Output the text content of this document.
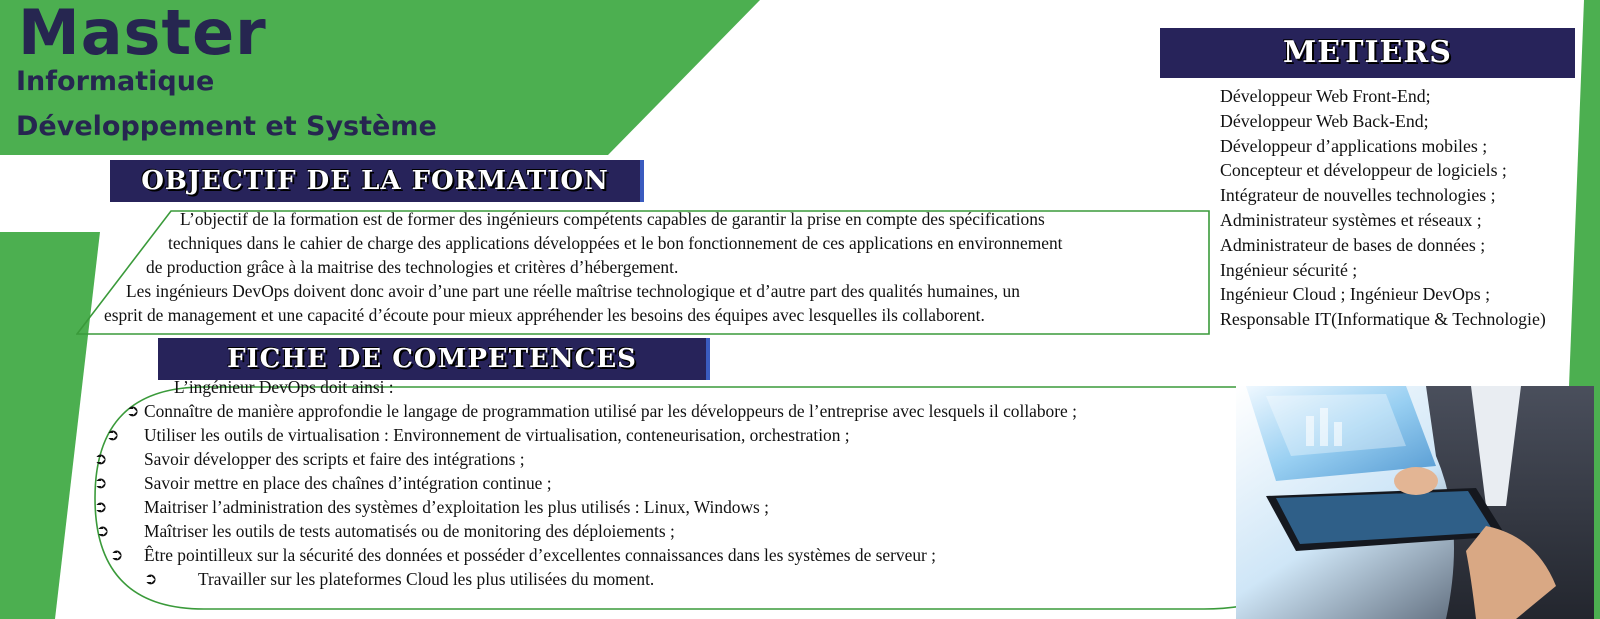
Master
Informatique
Développement et Système
OBJECTIF DE LA FORMATION
L’objectif de la formation est de former des ingénieurs compétents capables de garantir la prise en compte des spécifications
techniques dans le cahier de charge des applications développées et le bon fonctionnement de ces applications en environnement
de production grâce à la maitrise des technologies et critères d’hébergement.
Les ingénieurs DevOps doivent donc avoir d’une part une réelle maîtrise technologique et d’autre part des qualités humaines, un
esprit de management et une capacité d’écoute pour mieux appréhender les besoins des équipes avec lesquelles ils collaborent.
METIERS
Développeur Web Front-End;
Développeur Web Back-End;
Développeur d’applications mobiles ;
Concepteur et développeur de logiciels ;
Intégrateur de nouvelles technologies ;
Administrateur systèmes et réseaux ;
Administrateur de bases de données ;
Ingénieur sécurité ;
Ingénieur Cloud ; Ingénieur DevOps ;
Responsable IT(Informatique & Technologie)
FICHE DE COMPETENCES
L’ingénieur DevOps doit ainsi :
➲ Connaître de manière approfondie le langage de programmation utilisé par les développeurs de l’entreprise avec lesquels il collabore ;
➲ Utiliser les outils de virtualisation : Environnement de virtualisation, conteneurisation, orchestration ;
➲ Savoir développer des scripts et faire des intégrations ;
➲ Savoir mettre en place des chaînes d’intégration continue ;
➲ Maitriser l’administration des systèmes d’exploitation les plus utilisés : Linux, Windows ;
➲ Maîtriser les outils de tests automatisés ou de monitoring des déploiements ;
➲ Être pointilleux sur la sécurité des données et posséder d’excellentes connaissances dans les systèmes de serveur ;
➲ Travailler sur les plateformes Cloud les plus utilisées du moment.
